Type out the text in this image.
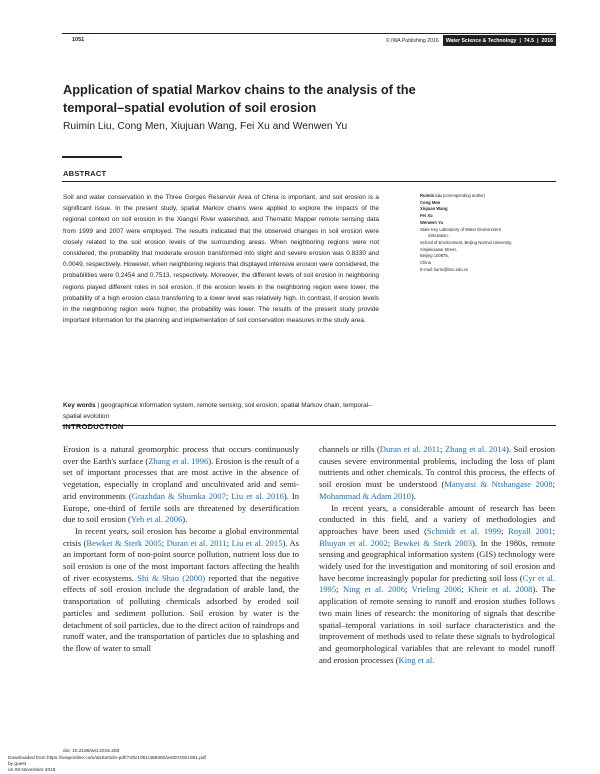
1051	© IWA Publishing 2016 Water Science & Technology | 74.5 | 2016
Application of spatial Markov chains to the analysis of the
temporal–spatial evolution of soil erosion
Ruimin Liu, Cong Men, Xiujuan Wang, Fei Xu and Wenwen Yu
ABSTRACT
Soil and water conservation in the Three Gorges Reservoir Area of China is important, and soil erosion is a significant issue. In the present study, spatial Markov chains were applied to explore the impacts of the regional context on soil erosion in the Xiangxi River watershed, and Thematic Mapper remote sensing data from 1999 and 2007 were employed. The results indicated that the observed changes in soil erosion were closely related to the soil erosion levels of the surrounding areas. When neighboring regions were not considered, the probability that moderate erosion transformed into slight and severe erosion was 0.8330 and 0.0049, respectively. However, when neighboring regions that displayed intensive erosion were considered, the probabilities were 0.2454 and 0.7513, respectively. Moreover, the different levels of soil erosion in neighboring regions played different roles in soil erosion. If the erosion levels in the neighboring region were lower, the probability of a high erosion class transferring to a lower level was relatively high. In contrast, if erosion levels in the neighboring region were higher, the probability was lower. The results of the present study provide important information for the planning and implementation of soil conservation measures in the study area.
Key words | geographical information system, remote sensing, soil erosion, spatial Markov chain, temporal–spatial evolution
Ruimin Liu (corresponding author)
Cong Men
Xiujuan Wang
Fei Xu
Wenwen Yu
State Key Laboratory of Water Environment
Simulation,
School of Environment, Beijing Normal University,
Xinjiekouwai Street,
Beijing 100875,
China
E-mail: liurm@bnu.edu.cn
INTRODUCTION

Erosion is a natural geomorphic process that occurs continuously over the Earth's surface (Zhang et al. 1996). Erosion is the result of a set of important processes that are most active in the absence of vegetation, especially in cropland and uncultivated arid and semi-arid environments (Grazhdan & Shumka 2007; Liu et al. 2016). In Europe, one-third of fertile soils are threatened by desertification due to soil erosion (Yeh et al. 2006).

In recent years, soil erosion has become a global environmental crisis (Bewket & Sterk 2005; Duran et al. 2011; Liu et al. 2015). As an important form of non-point source pollution, nutrient loss due to soil erosion is one of the most important factors affecting the health of river ecosystems. Shi & Shao (2000) reported that the negative effects of soil erosion include the degradation of arable land, the transportation of polluting chemicals adsorbed by eroded soil particles and sediment pollution. Soil erosion by water is the detachment of soil particles, due to the direct action of raindrops and runoff water, and the transportation of particles due to splashing and the flow of water to small

channels or rills (Duran et al. 2011; Zhang et al. 2014). Soil erosion causes severe environmental problems, including the loss of plant nutrients and other chemicals. To control this process, the effects of soil erosion must be understood (Manyatsi & Ntshangase 2008; Mohammad & Adam 2010).

In recent years, a considerable amount of research has been conducted in this field, and a variety of methodologies and approaches have been used (Schmidt et al. 1999; Royall 2001; Bhuyan et al. 2002; Bewket & Sterk 2003). In the 1980s, remote sensing and geographical information system (GIS) technology were widely used for the investigation and monitoring of soil erosion and have become increasingly popular for predicting soil loss (Cyr et al. 1995; Ning et al. 2006; Vrieling 2006; Kheir et al. 2008). The application of remote sensing to runoff and erosion studies follows two main lines of research: the monitoring of signals that describe spatial–temporal variations in soil surface characteristics and the improvement of methods used to relate these signals to hydrological and geomorphological variables that are relevant to model runoff and erosion processes (King et al.

doi: 10.2166/wst.2016.283
Downloaded from https://iwaponline.com/wst/article-pdf/74/5/1051/458380/wst074051051.pdf
by guest
on 08 November 2018
